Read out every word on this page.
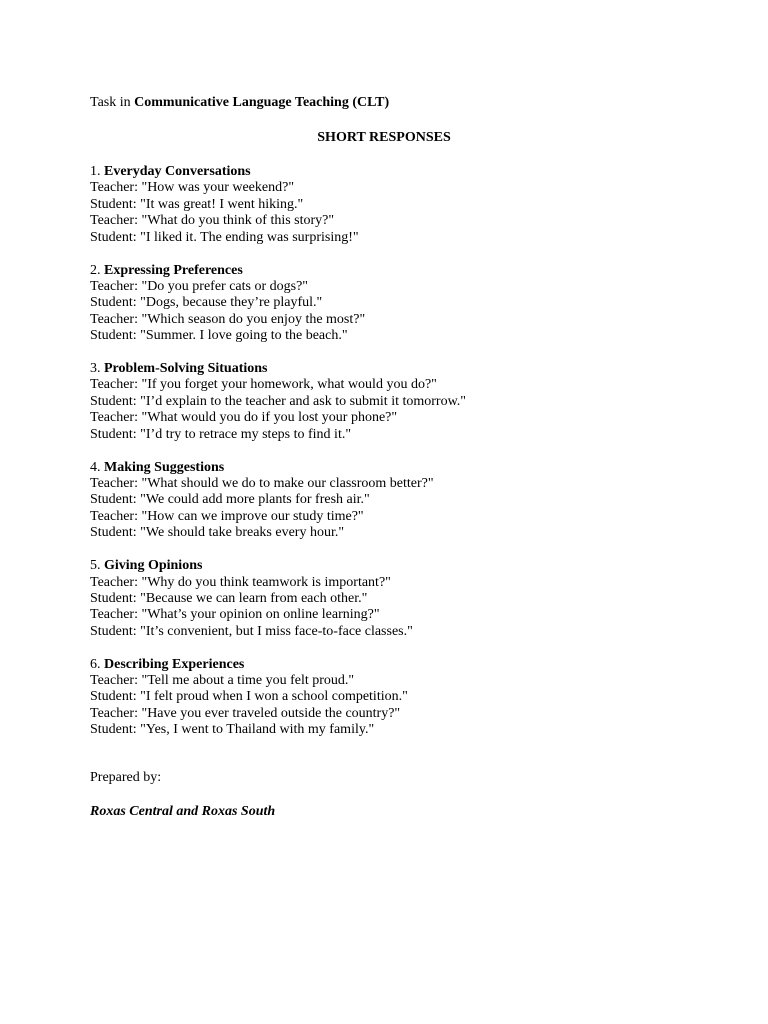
Task in Communicative Language Teaching (CLT)
SHORT RESPONSES
1. Everyday Conversations
Teacher: "How was your weekend?"
Student: "It was great! I went hiking."
Teacher: "What do you think of this story?"
Student: "I liked it. The ending was surprising!"
2. Expressing Preferences
Teacher: "Do you prefer cats or dogs?"
Student: "Dogs, because they’re playful."
Teacher: "Which season do you enjoy the most?"
Student: "Summer. I love going to the beach."
3. Problem-Solving Situations
Teacher: "If you forget your homework, what would you do?"
Student: "I’d explain to the teacher and ask to submit it tomorrow."
Teacher: "What would you do if you lost your phone?"
Student: "I’d try to retrace my steps to find it."
4. Making Suggestions
Teacher: "What should we do to make our classroom better?"
Student: "We could add more plants for fresh air."
Teacher: "How can we improve our study time?"
Student: "We should take breaks every hour."
5. Giving Opinions
Teacher: "Why do you think teamwork is important?"
Student: "Because we can learn from each other."
Teacher: "What’s your opinion on online learning?"
Student: "It’s convenient, but I miss face-to-face classes."
6. Describing Experiences
Teacher: "Tell me about a time you felt proud."
Student: "I felt proud when I won a school competition."
Teacher: "Have you ever traveled outside the country?"
Student: "Yes, I went to Thailand with my family."
Prepared by:
Roxas Central and Roxas South
